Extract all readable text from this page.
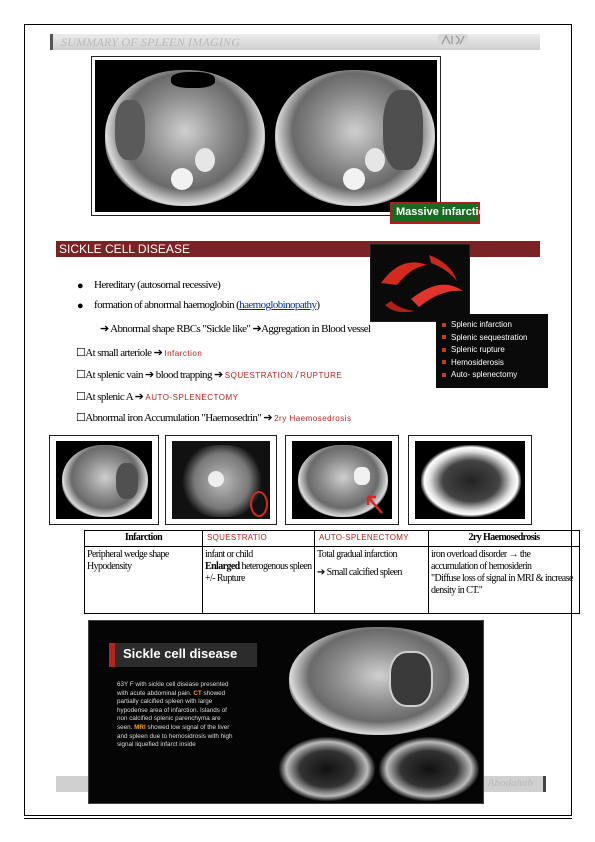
SUMMARY OF SPLEEN IMAGING
Massive infarctions
SICKLE CELL DISEASE
● Hereditary (autosomal recessive)
● formation of abnormal haemoglobin (haemoglobinopathy)
➔ Abnormal shape RBCs "Sickle like" ➔Aggregation in Blood vessel
☐At small arteriole ➔ Infarction
☐At splenic vain ➔ blood trapping ➔ SQUESTRATION / RUPTURE
☐At splenic A ➔ AUTO-SPLENECTOMY
☐Abnormal iron Accumulation "Haemosedrin" ➔ 2ry Haemosedrosis
Splenic infarction
Splenic sequestration
Splenic rupture
Hemosiderosis
Auto- splenectomy
Infarction
Peripheral wedge shape
Hypodensity
SQUESTRATIO
infant or child
Enlarged heterogenous spleen +/- Rupture
AUTO-SPLENECTOMY
Total gradual infarction
➔ Small calcified spleen
2ry Haemosedrosis
iron overload disorder → the accumulation of hemosiderin
"Diffuse loss of signal in MRI & increase density in CT."
Abodahab
Sickle cell disease
63Y F with sickle cell disease presented with acute abdominal pain. CT showed partially calcified spleen with large hypodense area of infarction. Islands of non calcified splenic parenchyma are seen. MRI showed low signal of the liver and spleen due to hemosidrosis with high signal liquefied infarct inside
